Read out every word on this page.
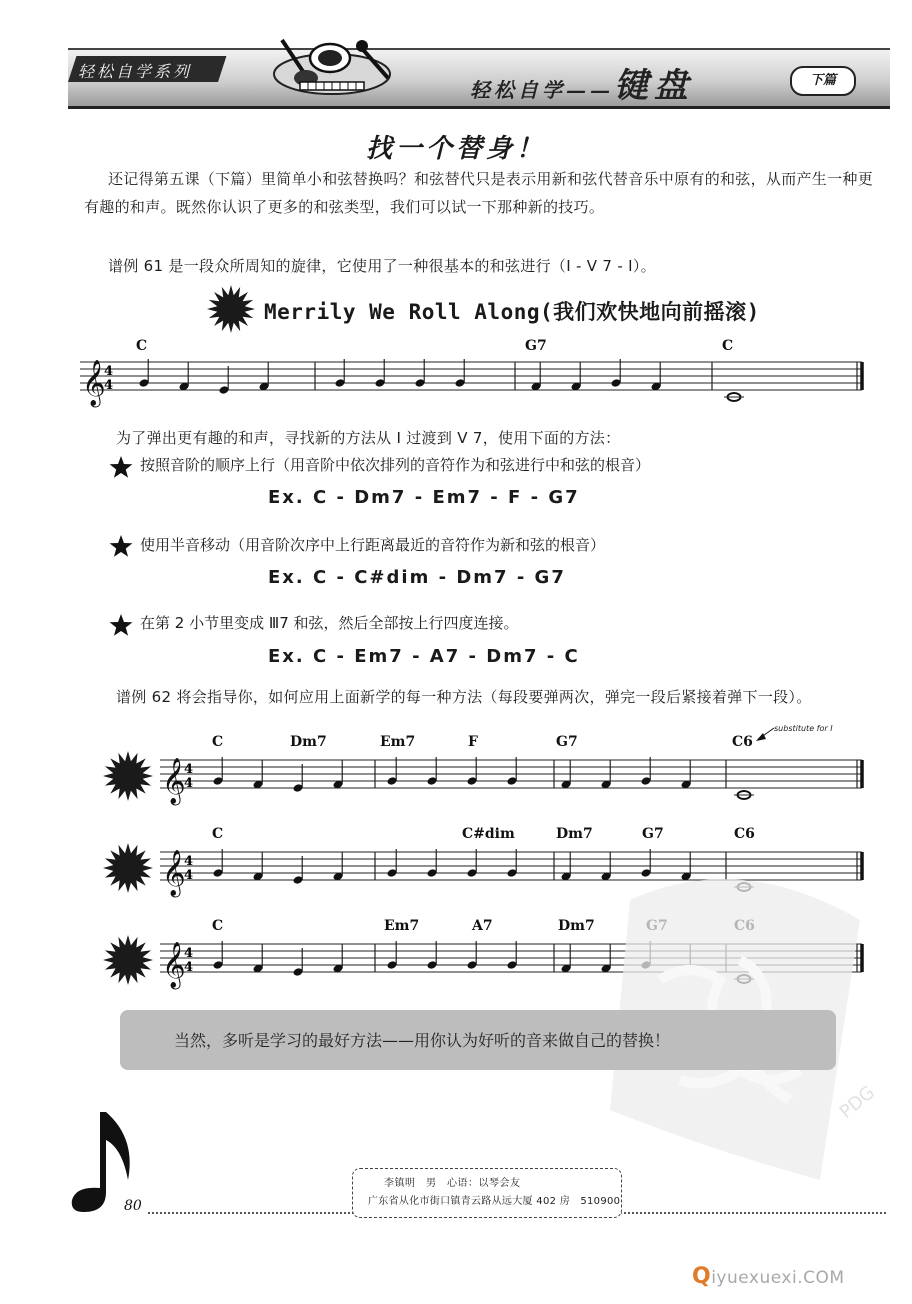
轻松自学系列
轻松自学——键盘	下篇
找一个替身！
还记得第五课（下篇）里简单小和弦替换吗？和弦替代只是表示用新和弦代替音乐中原有的和弦，从而产生一种更有趣的和声。既然你认识了更多的和弦类型，我们可以试一下那种新的技巧。
谱例 61 是一段众所周知的旋律，它使用了一种很基本的和弦进行（I - V 7 - I）。
Merrily We Roll Along(我们欢快地向前摇滚)
𝄞
4
4
𝄞
4
4
𝄞
4
4
𝄞
4
4
为了弹出更有趣的和声，寻找新的方法从 I 过渡到 V 7，使用下面的方法：
按照音阶的顺序上行（用音阶中依次排列的音符作为和弦进行中和弦的根音）
Ex. C - Dm7 - Em7 - F - G7
使用半音移动（用音阶次序中上行距离最近的音符作为新和弦的根音）
Ex. C - C#dim - Dm7 - G7
在第 2 小节里变成 Ⅲ7 和弦，然后全部按上行四度连接。
Ex. C - Em7 - A7 - Dm7 - C
谱例 62 将会指导你，如何应用上面新学的每一种方法（每段要弹两次，弹完一段后紧接着弹下一段）。
substitute for I
C	G7	C
C	Dm7	Em7	F	G7	C6
C	C#dim	Dm7	G7	C6
C	Em7	A7	Dm7
PDG
当然，多听是学习的最好方法——用你认为好听的音来做自己的替换！
80
李镇明　男　心语：以琴会友
广东省从化市街口镇青云路从远大厦 402 房　510900
Qiyuexuexi.COM
